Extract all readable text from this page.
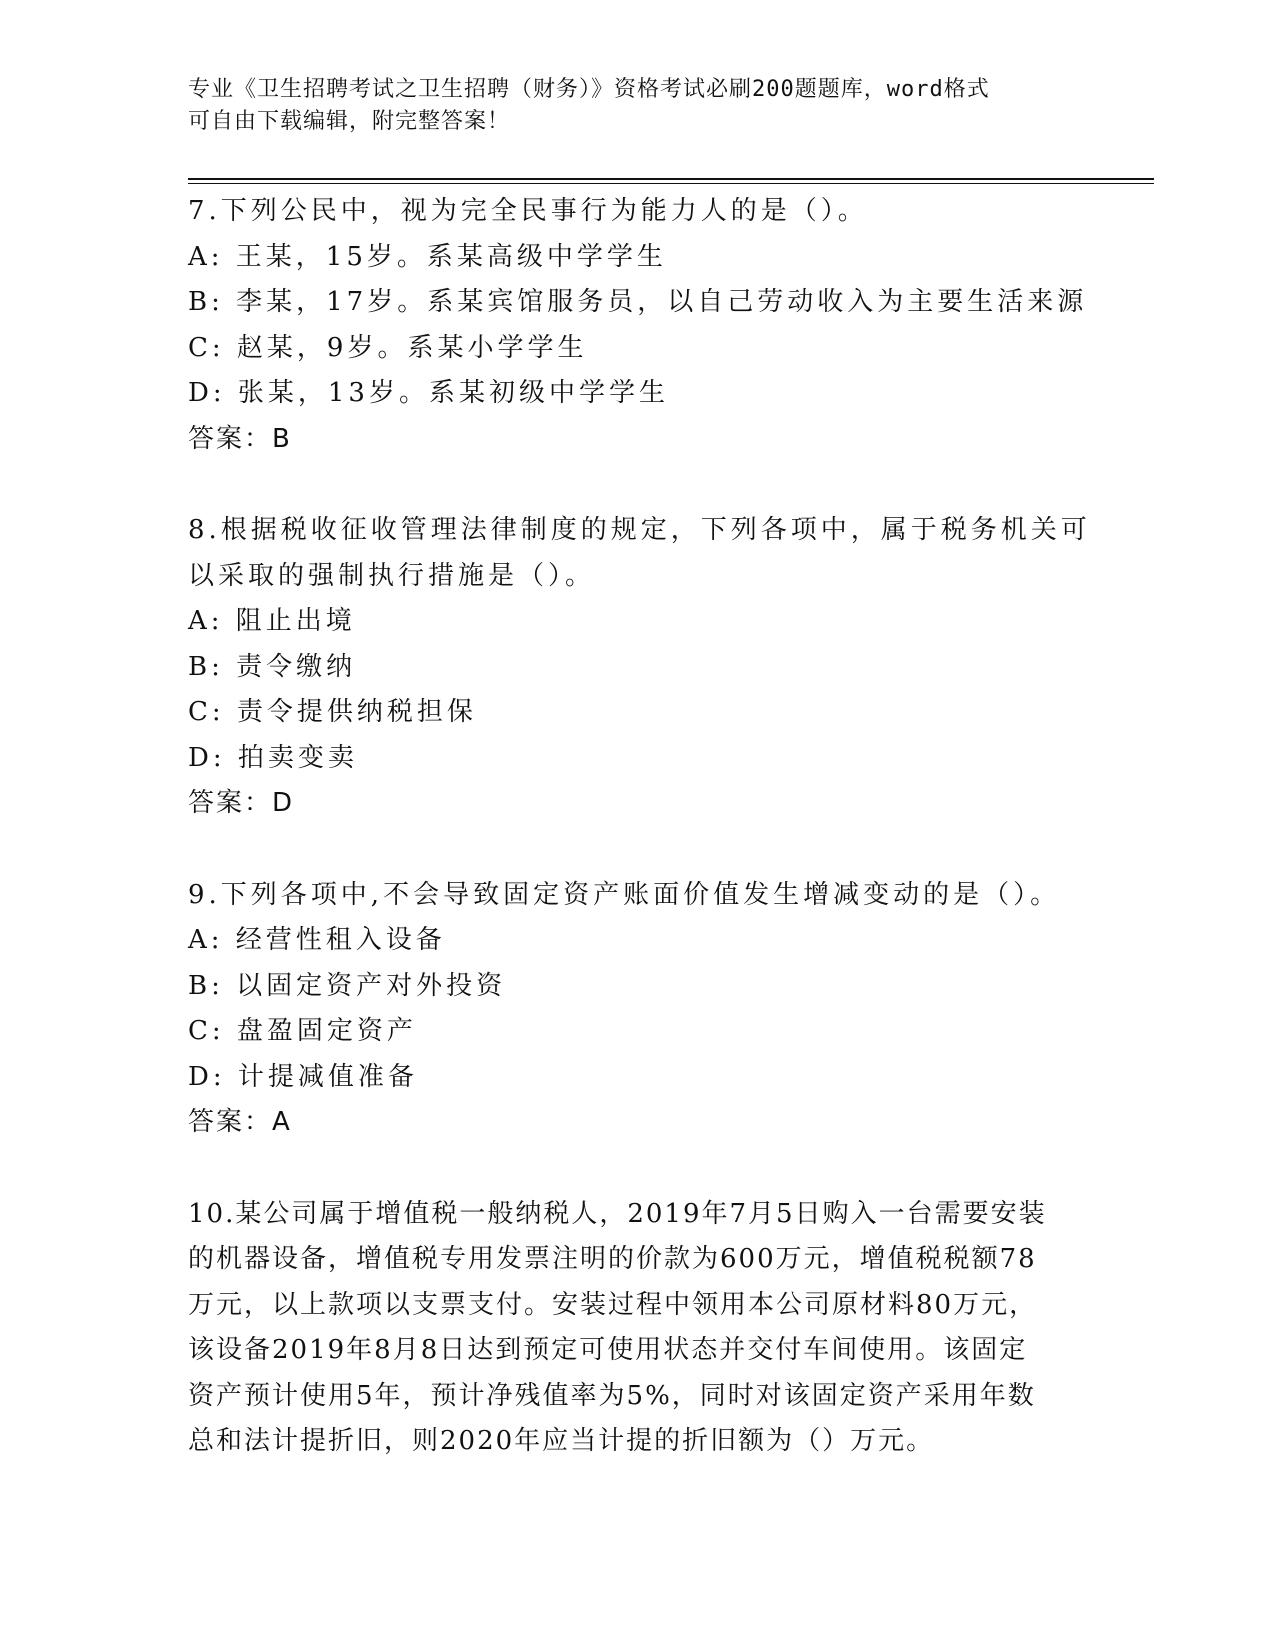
专业《卫生招聘考试之卫生招聘（财务）》资格考试必刷200题题库，word格式
可自由下载编辑，附完整答案！
7.下列公民中，视为完全民事行为能力人的是（）。
A: 王某，15岁。系某高级中学学生
B: 李某，17岁。系某宾馆服务员，以自己劳动收入为主要生活来源
C: 赵某，9岁。系某小学学生
D: 张某，13岁。系某初级中学学生
答案：B
8.根据税收征收管理法律制度的规定，下列各项中，属于税务机关可
以采取的强制执行措施是（）。
A: 阻止出境
B: 责令缴纳
C: 责令提供纳税担保
D: 拍卖变卖
答案：D
9.下列各项中,不会导致固定资产账面价值发生增减变动的是（）。
A: 经营性租入设备
B: 以固定资产对外投资
C: 盘盈固定资产
D: 计提减值准备
答案：A
10.某公司属于增值税一般纳税人，2019年7月5日购入一台需要安装
的机器设备，增值税专用发票注明的价款为600万元，增值税税额78
万元，以上款项以支票支付。安装过程中领用本公司原材料80万元，
该设备2019年8月8日达到预定可使用状态并交付车间使用。该固定
资产预计使用5年，预计净残值率为5%，同时对该固定资产采用年数
总和法计提折旧，则2020年应当计提的折旧额为（）万元。
